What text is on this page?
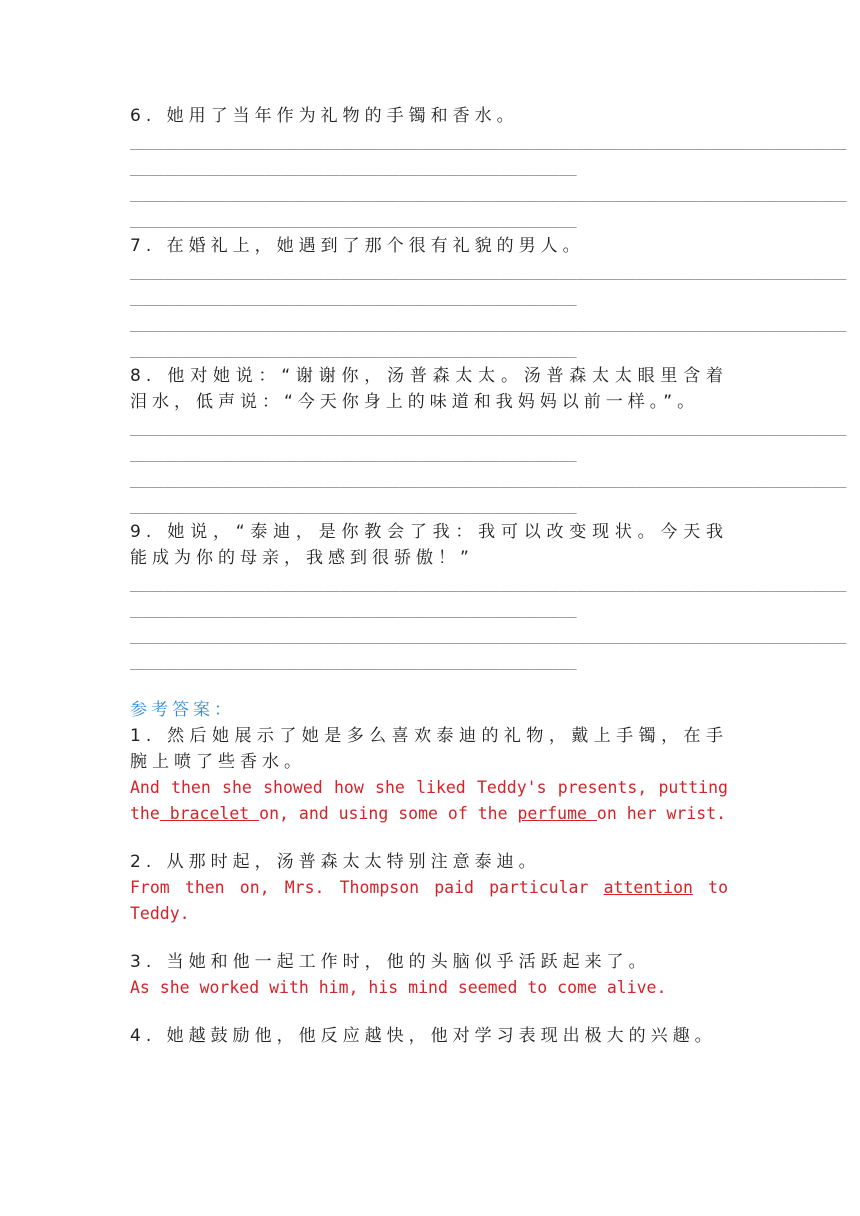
6. 她用了当年作为礼物的手镯和香水。
_____________________________________________________________________________________
_____________________________________________________
_____________________________________________________________________________________
_____________________________________________________
7. 在婚礼上，她遇到了那个很有礼貌的男人。
_____________________________________________________________________________________
_____________________________________________________
_____________________________________________________________________________________
_____________________________________________________
8. 他对她说：“谢谢你，汤普森太太。汤普森太太眼里含着泪水，低声说：“今天你身上的味道和我妈妈以前一样。”。
_____________________________________________________________________________________
_____________________________________________________
_____________________________________________________________________________________
_____________________________________________________
9. 她说，“泰迪，是你教会了我：我可以改变现状。今天我能成为你的母亲，我感到很骄傲！”
_____________________________________________________________________________________
_____________________________________________________
_____________________________________________________________________________________
_____________________________________________________
参考答案：
1. 然后她展示了她是多么喜欢泰迪的礼物，戴上手镯，在手腕上喷了些香水。
And then she showed how she liked Teddy's presents, putting the bracelet on, and using some of the perfume on her wrist.
2. 从那时起，汤普森太太特别注意泰迪。
From then on, Mrs. Thompson paid particular attention to Teddy.
3. 当她和他一起工作时，他的头脑似乎活跃起来了。
As she worked with him, his mind seemed to come alive.
4. 她越鼓励他，他反应越快，他对学习表现出极大的兴趣。
